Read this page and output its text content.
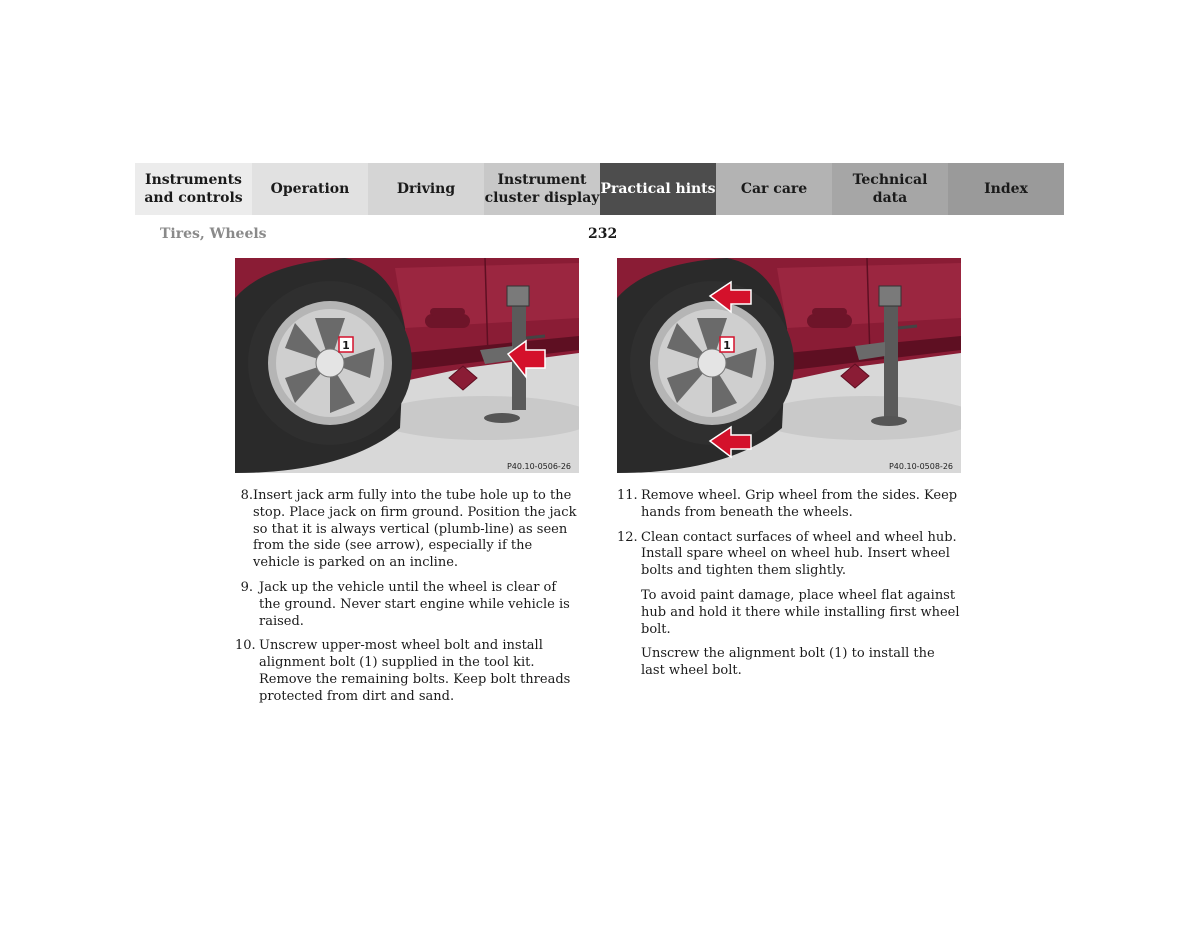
Instruments
and controls
Operation	Driving
Instrument
cluster display
Practical hints	Car care
Technical
data
Index
Tires, Wheels	232
1
P40.10-0506-26
1
P40.10-0508-26
8. Insert jack arm fully into the tube hole up to the stop. Place jack on firm ground. Position the jack so that it is always vertical (plumb-line) as seen from the side (see arrow), especially if the vehicle is parked on an incline.
9. Jack up the vehicle until the wheel is clear of the ground. Never start engine while vehicle is raised.
10. Unscrew upper-most wheel bolt and install alignment bolt (1) supplied in the tool kit. Remove the remaining bolts. Keep bolt threads protected from dirt and sand.
11. Remove wheel. Grip wheel from the sides. Keep hands from beneath the wheels.
12. Clean contact surfaces of wheel and wheel hub. Install spare wheel on wheel hub. Insert wheel bolts and tighten them slightly.
To avoid paint damage, place wheel flat against hub and hold it there while installing first wheel bolt.
Unscrew the alignment bolt (1) to install the last wheel bolt.
